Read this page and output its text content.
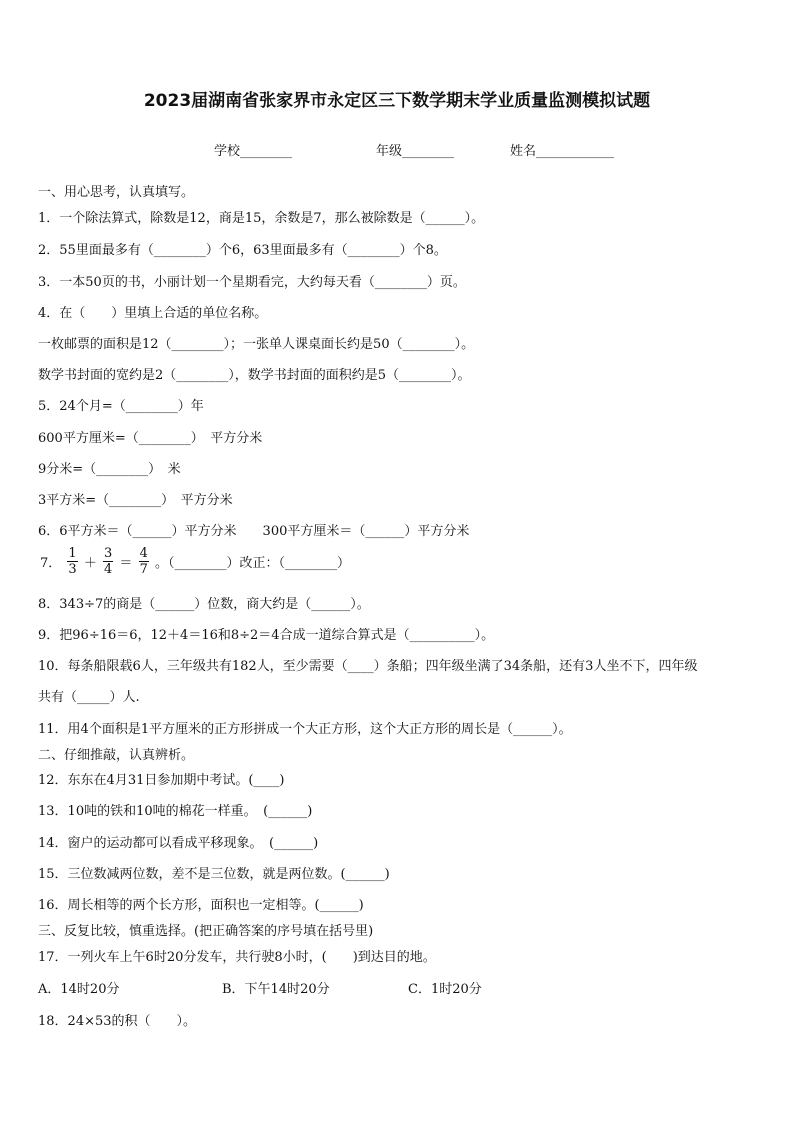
2023届湖南省张家界市永定区三下数学期末学业质量监测模拟试题
学校________	年级________	姓名____________
一、用心思考，认真填写。
1．一个除法算式，除数是12，商是15，余数是7，那么被除数是（______）。
2．55里面最多有（________）个6，63里面最多有（________）个8。
3．一本50页的书，小丽计划一个星期看完，大约每天看（________）页。
4．在（　　）里填上合适的单位名称。
一枚邮票的面积是12（________）；一张单人课桌面长约是50（________）。
数学书封面的宽约是2（________），数学书封面的面积约是5（________）。
5．24个月=（________）年
600平方厘米=（________）　平方分米
9分米=（________）　米
3平方米=（________）　平方分米
6．6平方米＝（______）平方分米　　300平方厘米＝（______）平方分米
7． $\frac{1}{3} + \frac{3}{4} = \frac{4}{7}$ 。（________）改正：（________）
8．343÷7的商是（______）位数，商大约是（______）。
9．把96÷16＝6，12＋4＝16和8÷2＝4合成一道综合算式是（__________）。
10．每条船限载6人，三年级共有182人，至少需要（____）条船；四年级坐满了34条船，还有3人坐不下，四年级
共有（_____）人.
11．用4个面积是1平方厘米的正方形拼成一个大正方形，这个大正方形的周长是（______）。
二、仔细推敲，认真辨析。
12．东东在4月31日参加期中考试。(____)
13．10吨的铁和10吨的棉花一样重。　(______)
14．窗户的运动都可以看成平移现象。　(______)
15．三位数减两位数，差不是三位数，就是两位数。(______)
16．周长相等的两个长方形，面积也一定相等。(______)
三、反复比较，慎重选择。(把正确答案的序号填在括号里)
17．一列火车上午6时20分发车，共行驶8小时，(　　)到达目的地。
A．14时20分	B．下午14时20分	C．1时20分
18．24×53的积（　　）。
